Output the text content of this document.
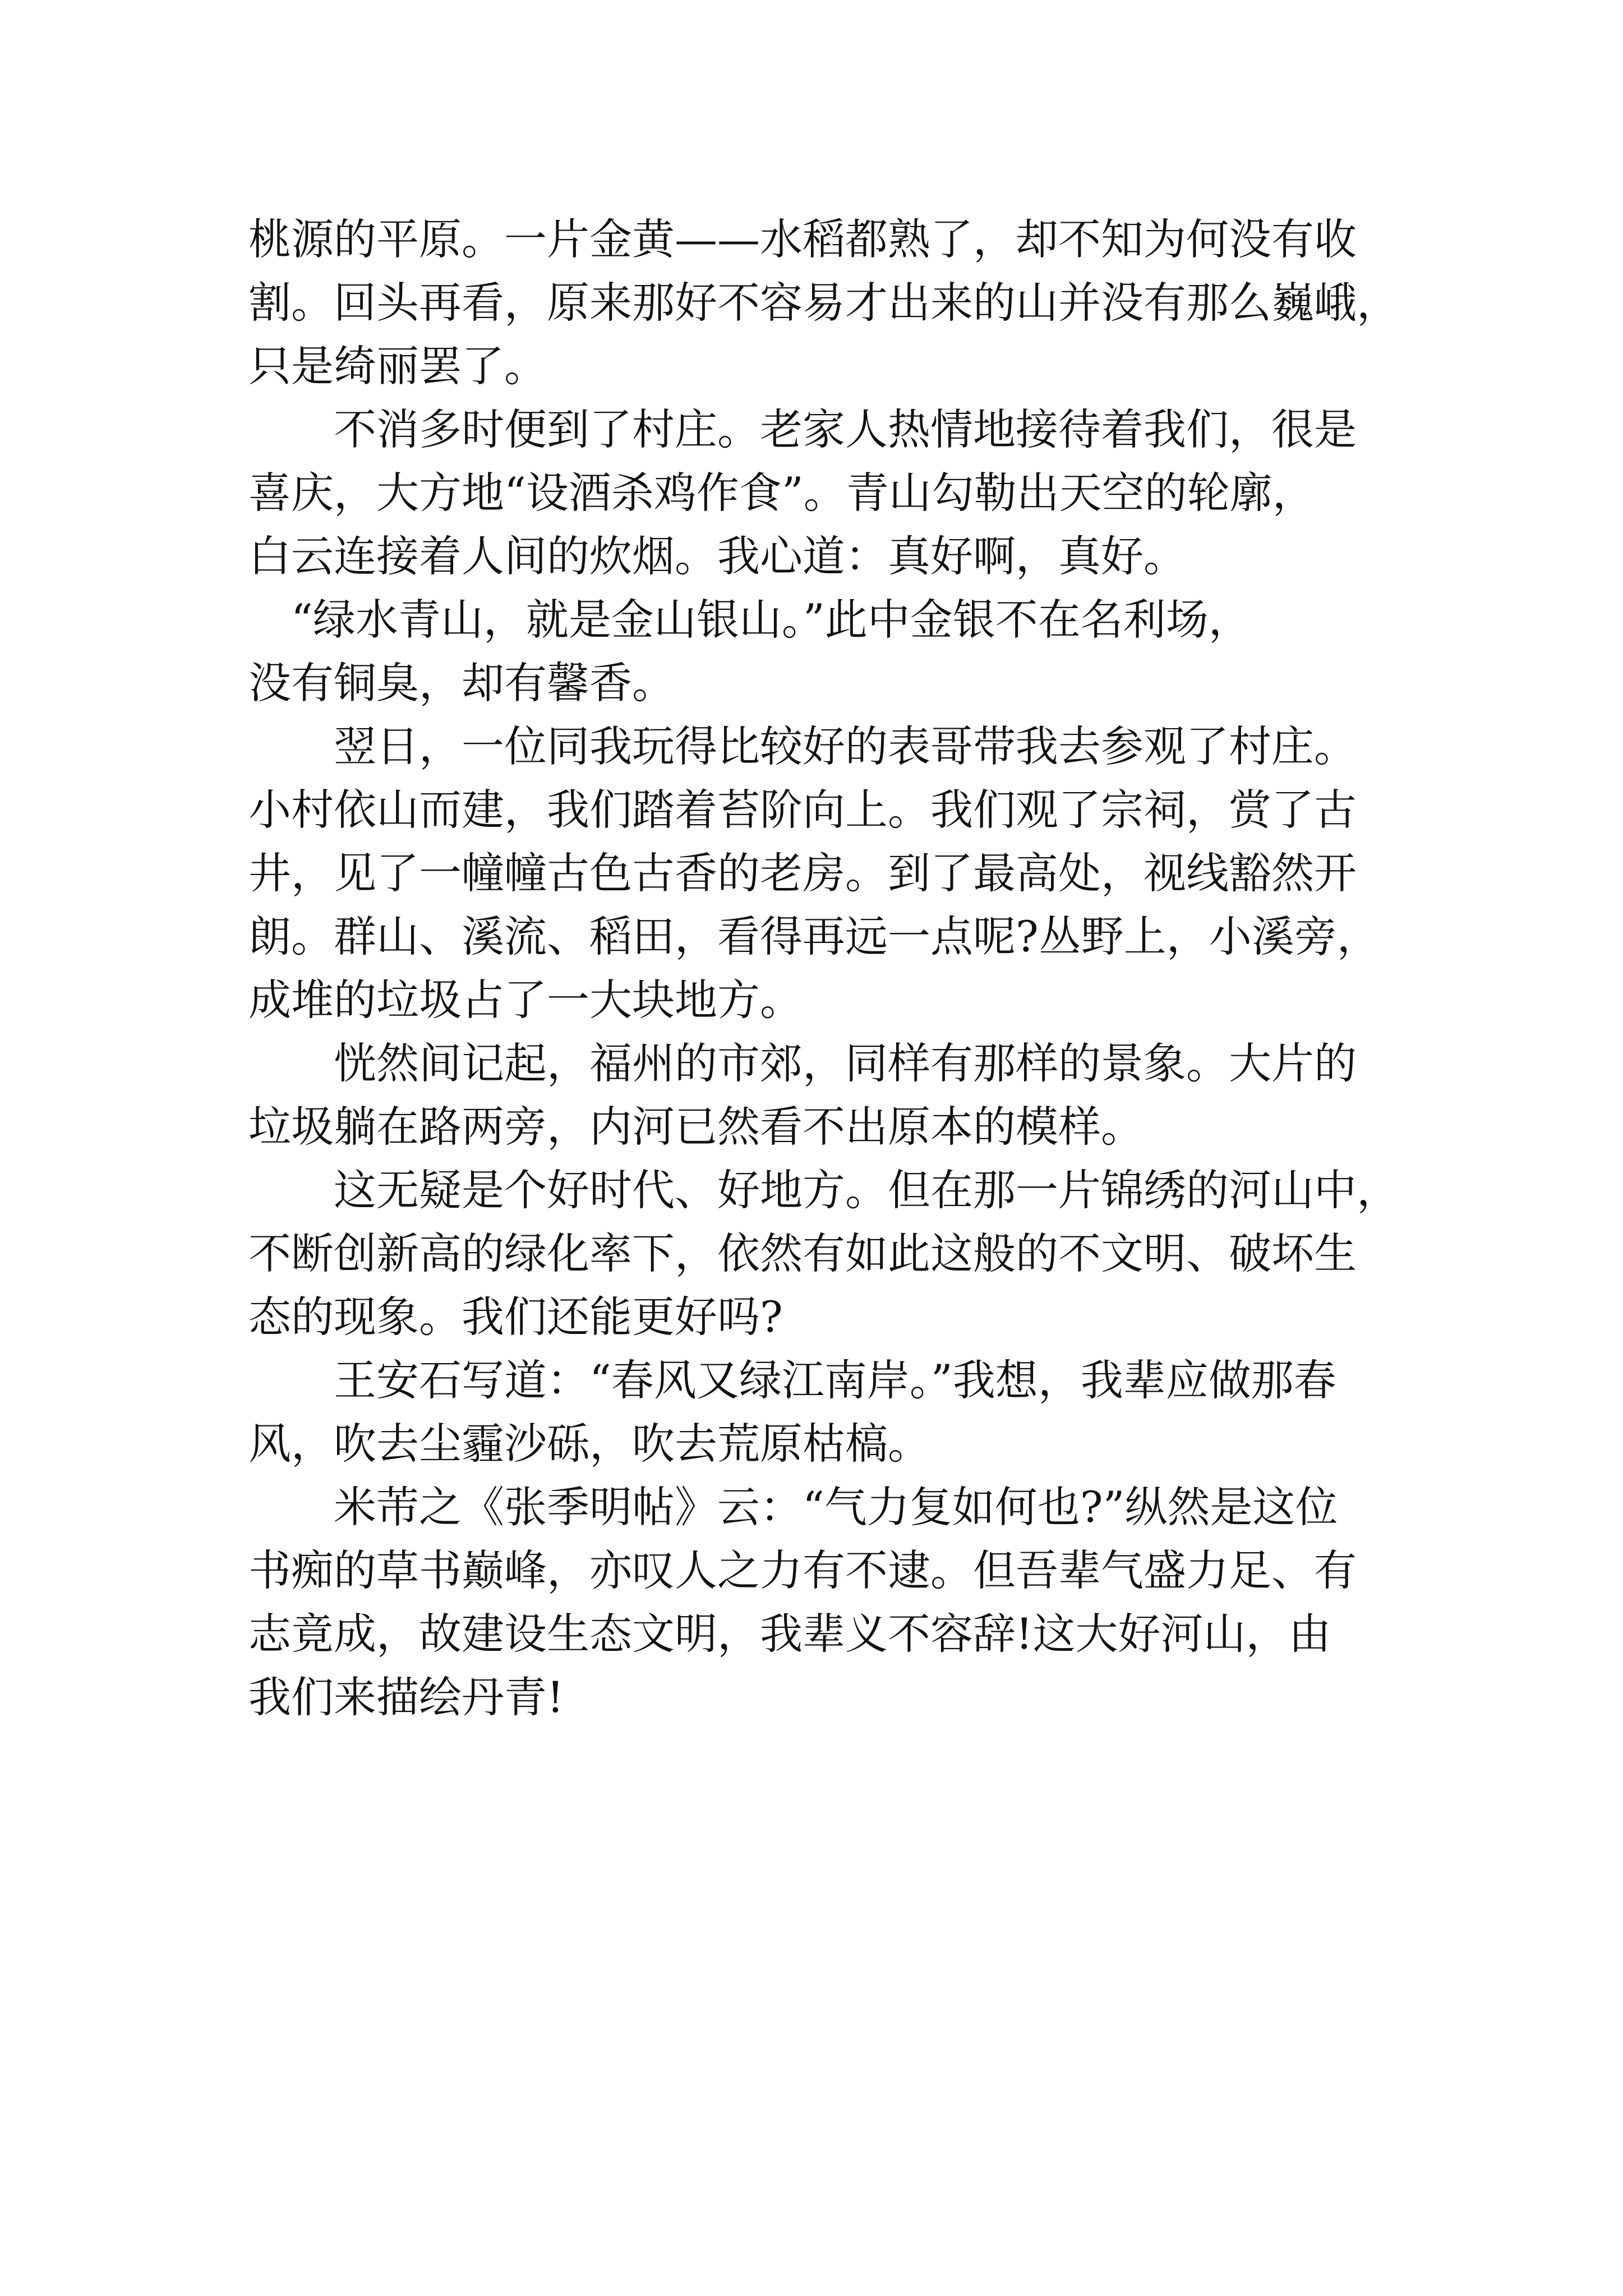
桃源的平原。一片金黄——水稻都熟了，却不知为何没有收
割。回头再看，原来那好不容易才出来的山并没有那么巍峨，
只是绮丽罢了。
　　不消多时便到了村庄。老家人热情地接待着我们，很是
喜庆，大方地“设酒杀鸡作食”。青山勾勒出天空的轮廓，
白云连接着人间的炊烟。我心道：真好啊，真好。
　“绿水青山，就是金山银山。”此中金银不在名利场，
没有铜臭，却有馨香。
　　翌日，一位同我玩得比较好的表哥带我去参观了村庄。
小村依山而建，我们踏着苔阶向上。我们观了宗祠，赏了古
井，见了一幢幢古色古香的老房。到了最高处，视线豁然开
朗。群山、溪流、稻田，看得再远一点呢?丛野上，小溪旁，
成堆的垃圾占了一大块地方。
　　恍然间记起，福州的市郊，同样有那样的景象。大片的
垃圾躺在路两旁，内河已然看不出原本的模样。
　　这无疑是个好时代、好地方。但在那一片锦绣的河山中，
不断创新高的绿化率下，依然有如此这般的不文明、破坏生
态的现象。我们还能更好吗?
　　王安石写道：“春风又绿江南岸。”我想，我辈应做那春
风，吹去尘霾沙砾，吹去荒原枯槁。
　　米芾之《张季明帖》云：“气力复如何也?”纵然是这位
书痴的草书巅峰，亦叹人之力有不逮。但吾辈气盛力足、有
志竟成，故建设生态文明，我辈义不容辞!这大好河山，由
我们来描绘丹青!
